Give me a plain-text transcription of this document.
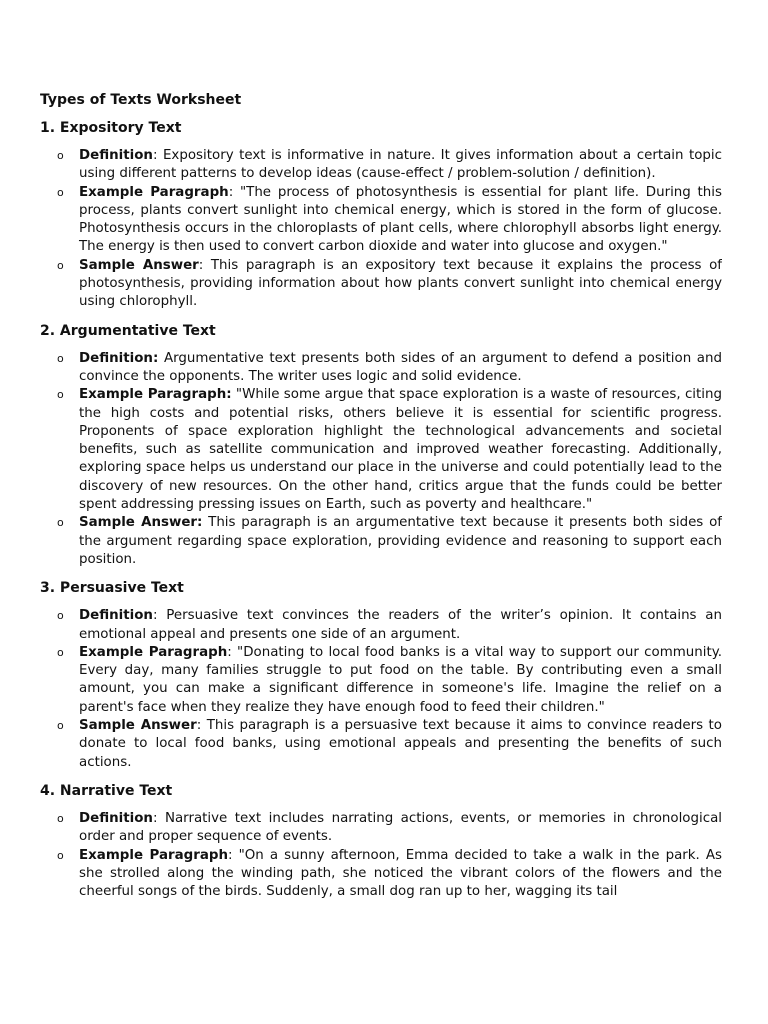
Types of Texts Worksheet
1. Expository Text
o Definition: Expository text is informative in nature. It gives information about a certain topic using different patterns to develop ideas (cause-effect / problem-solution / definition).
o Example Paragraph: "The process of photosynthesis is essential for plant life. During this process, plants convert sunlight into chemical energy, which is stored in the form of glucose. Photosynthesis occurs in the chloroplasts of plant cells, where chlorophyll absorbs light energy. The energy is then used to convert carbon dioxide and water into glucose and oxygen."
o Sample Answer: This paragraph is an expository text because it explains the process of photosynthesis, providing information about how plants convert sunlight into chemical energy using chlorophyll.
2. Argumentative Text
o Definition: Argumentative text presents both sides of an argument to defend a position and convince the opponents. The writer uses logic and solid evidence.
o Example Paragraph: "While some argue that space exploration is a waste of resources, citing the high costs and potential risks, others believe it is essential for scientific progress. Proponents of space exploration highlight the technological advancements and societal benefits, such as satellite communication and improved weather forecasting. Additionally, exploring space helps us understand our place in the universe and could potentially lead to the discovery of new resources. On the other hand, critics argue that the funds could be better spent addressing pressing issues on Earth, such as poverty and healthcare."
o Sample Answer: This paragraph is an argumentative text because it presents both sides of the argument regarding space exploration, providing evidence and reasoning to support each position.
3. Persuasive Text
o Definition: Persuasive text convinces the readers of the writer’s opinion. It contains an emotional appeal and presents one side of an argument.
o Example Paragraph: "Donating to local food banks is a vital way to support our community. Every day, many families struggle to put food on the table. By contributing even a small amount, you can make a significant difference in someone's life. Imagine the relief on a parent's face when they realize they have enough food to feed their children."
o Sample Answer: This paragraph is a persuasive text because it aims to convince readers to donate to local food banks, using emotional appeals and presenting the benefits of such actions.
4. Narrative Text
o Definition: Narrative text includes narrating actions, events, or memories in chronological order and proper sequence of events.
o Example Paragraph: "On a sunny afternoon, Emma decided to take a walk in the park. As she strolled along the winding path, she noticed the vibrant colors of the flowers and the cheerful songs of the birds. Suddenly, a small dog ran up to her, wagging its tail
